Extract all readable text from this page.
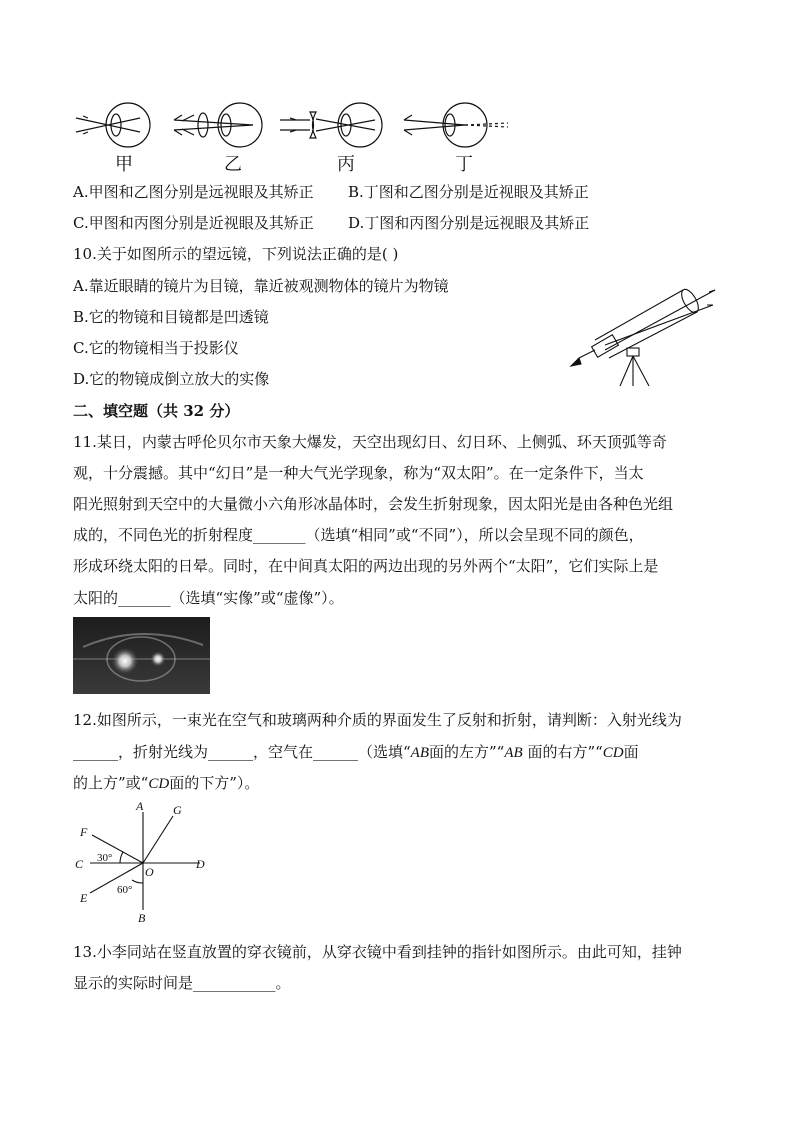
甲	乙	丙	丁
A.甲图和乙图分别是远视眼及其矫正 B.丁图和乙图分别是近视眼及其矫正
C.甲图和丙图分别是近视眼及其矫正 D.丁图和丙图分别是远视眼及其矫正
10.关于如图所示的望远镜，下列说法正确的是( )
A.靠近眼睛的镜片为目镜，靠近被观测物体的镜片为物镜
B.它的物镜和目镜都是凹透镜
C.它的物镜相当于投影仪
D.它的物镜成倒立放大的实像
二、填空题（共 32 分）
11.某日，内蒙古呼伦贝尔市天象大爆发，天空出现幻日、幻日环、上侧弧、环天顶弧等奇
观，十分震撼。其中“幻日”是一种大气光学现象，称为“双太阳”。在一定条件下，当太
阳光照射到天空中的大量微小六角形冰晶体时，会发生折射现象，因太阳光是由各种色光组
成的，不同色光的折射程度_______（选填“相同”或“不同”），所以会呈现不同的颜色，
形成环绕太阳的日晕。同时，在中间真太阳的两边出现的另外两个“太阳”，它们实际上是
太阳的_______（选填“实像”或“虚像”）。
12.如图所示，一束光在空气和玻璃两种介质的界面发生了反射和折射，请判断：入射光线为
______，折射光线为______，空气在______（选填“AB面的左方”“AB 面的右方”“CD面
的上方”或“CD面的下方”）。
A
B
C	D
E
F
G
O
30°
60°
13.小李同站在竖直放置的穿衣镜前，从穿衣镜中看到挂钟的指针如图所示。由此可知，挂钟
显示的实际时间是___________。
